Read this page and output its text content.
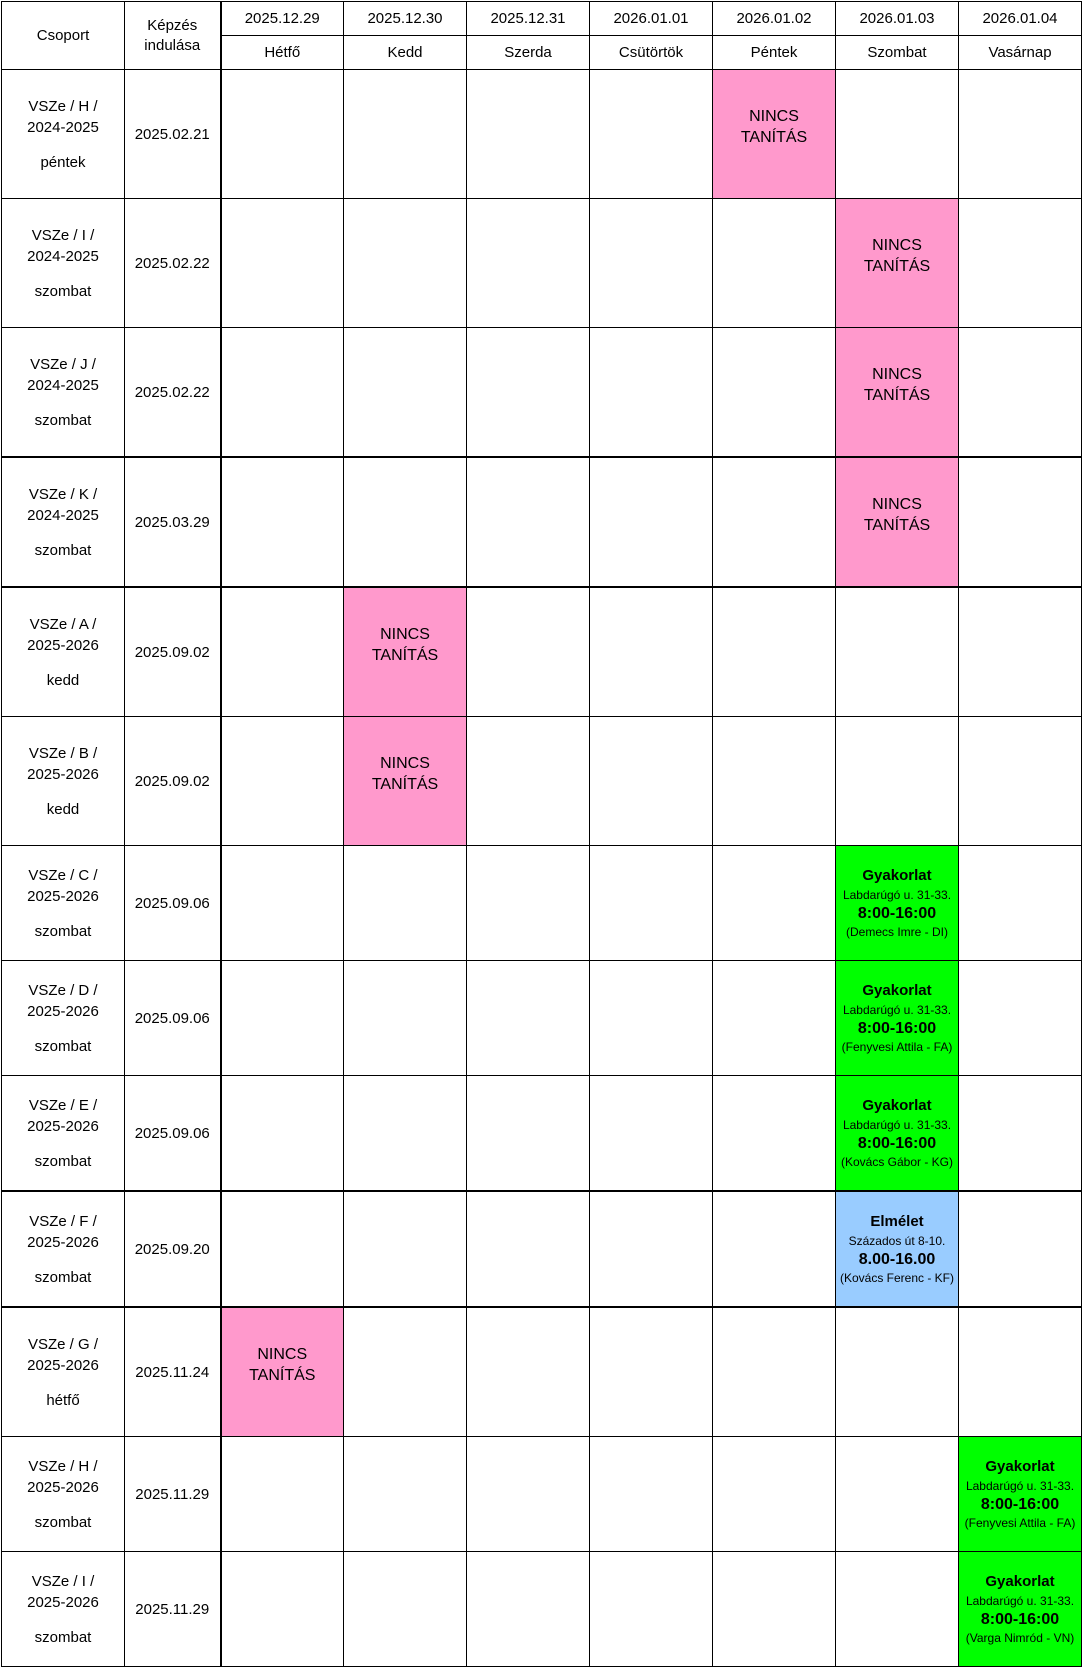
Csoport	Képzés indulása	2025.12.29	2025.12.30	2025.12.31	2026.01.01	2026.01.02	2026.01.03	2026.01.04
		Hétfő	Kedd	Szerda	Csütörtök	Péntek	Szombat	Vasárnap
VSZe / H /
2024-2025
péntek	2025.02.21					NINCS
TANÍTÁS		
VSZe / I /
2024-2025
szombat	2025.02.22						NINCS
TANÍTÁS	
VSZe / J /
2024-2025
szombat	2025.02.22						NINCS
TANÍTÁS	
VSZe / K /
2024-2025
szombat	2025.03.29						NINCS
TANÍTÁS	
VSZe / A /
2025-2026
kedd	2025.09.02		NINCS
TANÍTÁS					
VSZe / B /
2025-2026
kedd	2025.09.02		NINCS
TANÍTÁS					
VSZe / C /
2025-2026
szombat	2025.09.06						Gyakorlat
Labdarúgó u. 31-33.
8:00-16:00
(Demecs Imre - DI)	

VSZe / D /
2025-2026
szombat	2025.09.06						Gyakorlat
Labdarúgó u. 31-33.
8:00-16:00
(Fenyvesi Attila - FA)	

VSZe / E /
2025-2026
szombat	2025.09.06						Gyakorlat
Labdarúgó u. 31-33.
8:00-16:00
(Kovács Gábor - KG)	

VSZe / F /
2025-2026
szombat	2025.09.20						Elmélet
Százados út 8-10.
8.00-16.00
(Kovács Ferenc - KF)	

VSZe / G /
2025-2026
hétfő	2025.11.24	NINCS
TANÍTÁS						
VSZe / H /
2025-2026
szombat	2025.11.29							Gyakorlat
Labdarúgó u. 31-33.
8:00-16:00
(Fenyvesi Attila - FA)

VSZe / I /
2025-2026
szombat	2025.11.29							Gyakorlat
Labdarúgó u. 31-33.
8:00-16:00
(Varga Nimród - VN)
